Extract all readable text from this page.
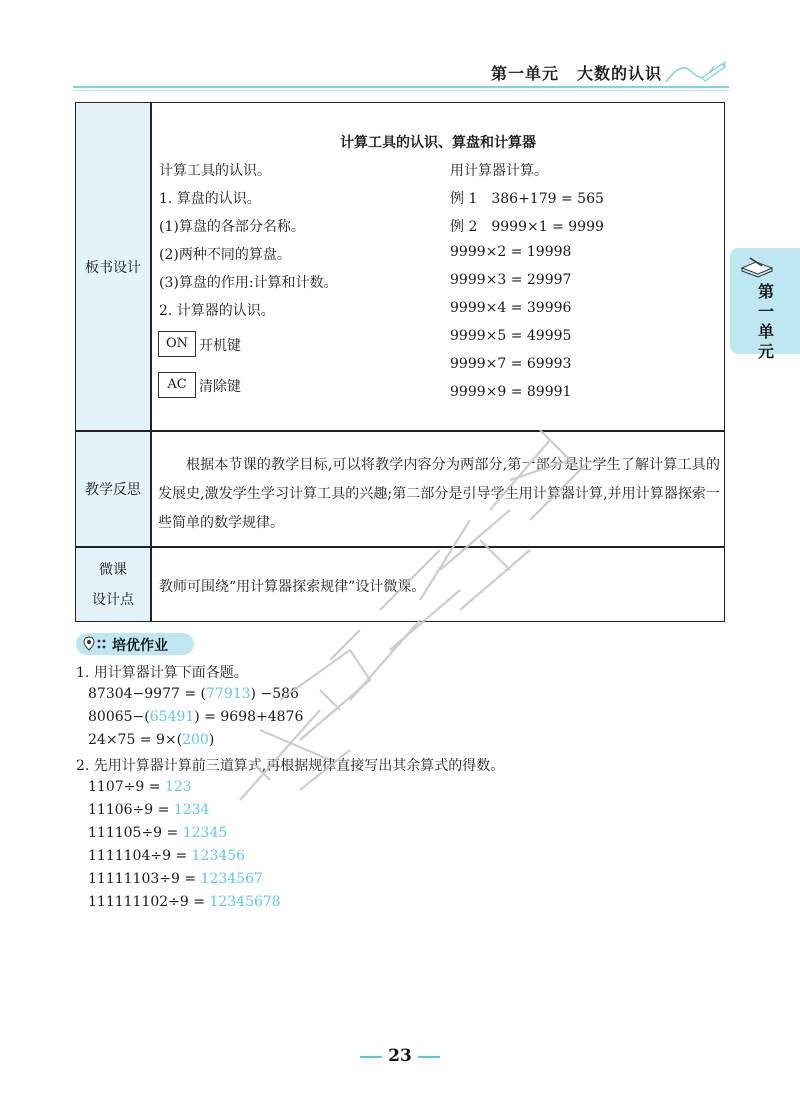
第一单元 大数的认识
第
一
单
元
板书设计
教学反思
微课
设计点
计算工具的认识、算盘和计算器
计算工具的认识。
1. 算盘的认识。
(1)算盘的各部分名称。
(2)两种不同的算盘。
(3)算盘的作用:计算和计数。
2. 计算器的认识。
ON 开机键
AC 清除键
用计算器计算。
例 1　386+179 = 565
例 2　9999×1 = 9999
9999×2 = 19998
9999×3 = 29997
9999×4 = 39996
9999×5 = 49995
9999×7 = 69993
9999×9 = 89991
根据本节课的教学目标,可以将教学内容分为两部分,第一部分是让学生了解计算工具的发展史,激发学生学习计算工具的兴趣;第二部分是引导学生用计算器计算,并用计算器探索一些简单的数学规律。
教师可围绕“用计算器探索规律”设计微课。
培优作业
1. 用计算器计算下面各题。
87304−9977 = (77913) −586
80065−(65491) = 9698+4876
24×75 = 9×(200)
2. 先用计算器计算前三道算式,再根据规律直接写出其余算式的得数。
1107÷9 = 123
11106÷9 = 1234
111105÷9 = 12345
1111104÷9 = 123456
11111103÷9 = 1234567
111111102÷9 = 12345678
23
